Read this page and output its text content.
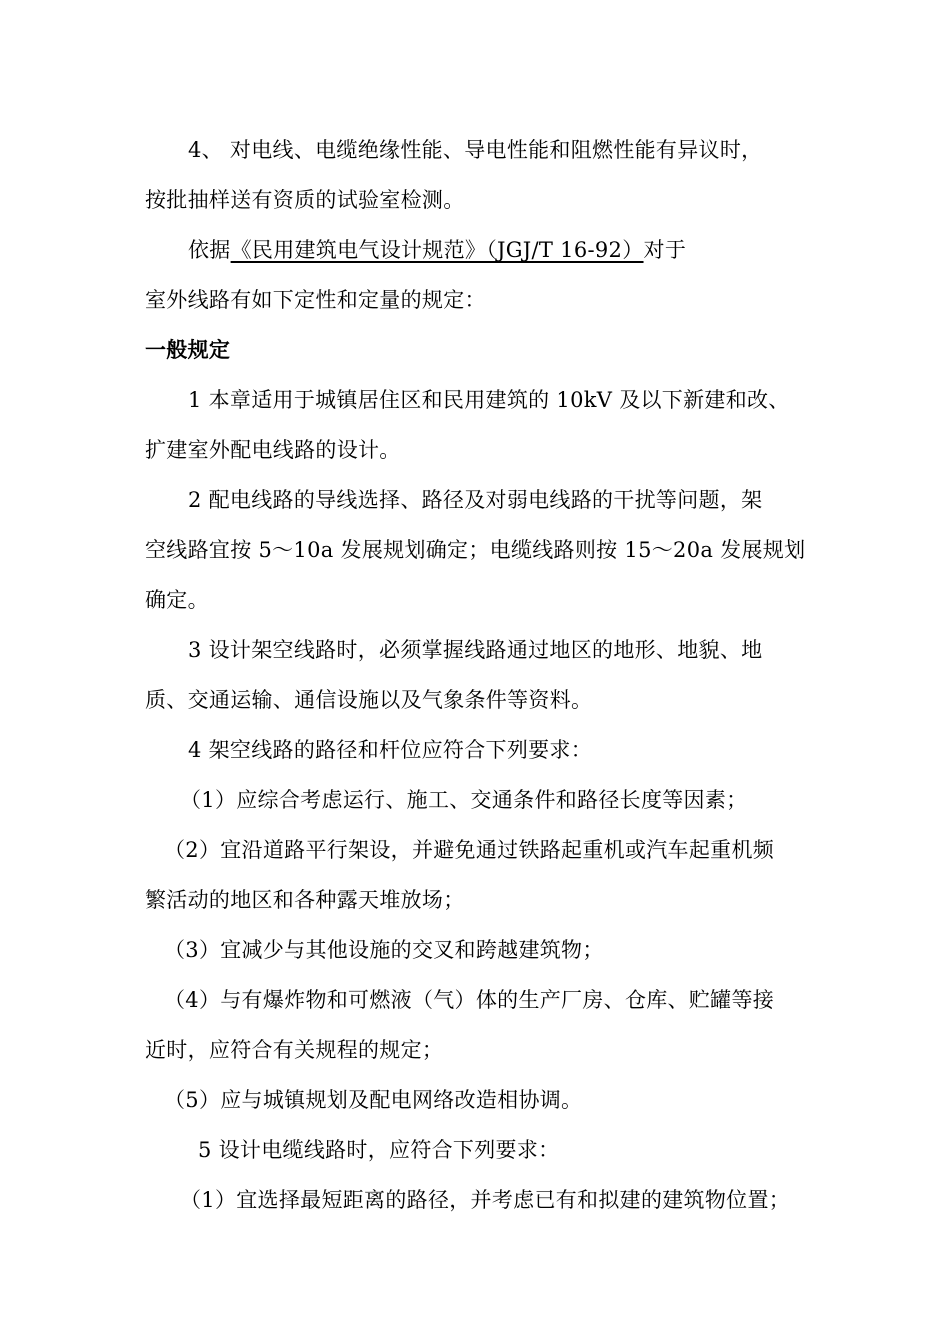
4、 对电线、电缆绝缘性能、导电性能和阻燃性能有异议时，
按批抽样送有资质的试验室检测。
依据《民用建筑电气设计规范》（JGJ/T 16-92）对于
室外线路有如下定性和定量的规定：
一般规定
1 本章适用于城镇居住区和民用建筑的 10kV 及以下新建和改、
扩建室外配电线路的设计。
2 配电线路的导线选择、路径及对弱电线路的干扰等问题，架
空线路宜按 5～10a 发展规划确定；电缆线路则按 15～20a 发展规划
确定。
3 设计架空线路时，必须掌握线路通过地区的地形、地貌、地
质、交通运输、通信设施以及气象条件等资料。
4 架空线路的路径和杆位应符合下列要求：
（1）应综合考虑运行、施工、交通条件和路径长度等因素；
（2）宜沿道路平行架设，并避免通过铁路起重机或汽车起重机频
繁活动的地区和各种露天堆放场；
（3）宜减少与其他设施的交叉和跨越建筑物；
（4）与有爆炸物和可燃液（气）体的生产厂房、仓库、贮罐等接
近时，应符合有关规程的规定；
（5）应与城镇规划及配电网络改造相协调。
5 设计电缆线路时，应符合下列要求：
（1）宜选择最短距离的路径，并考虑已有和拟建的建筑物位置；
